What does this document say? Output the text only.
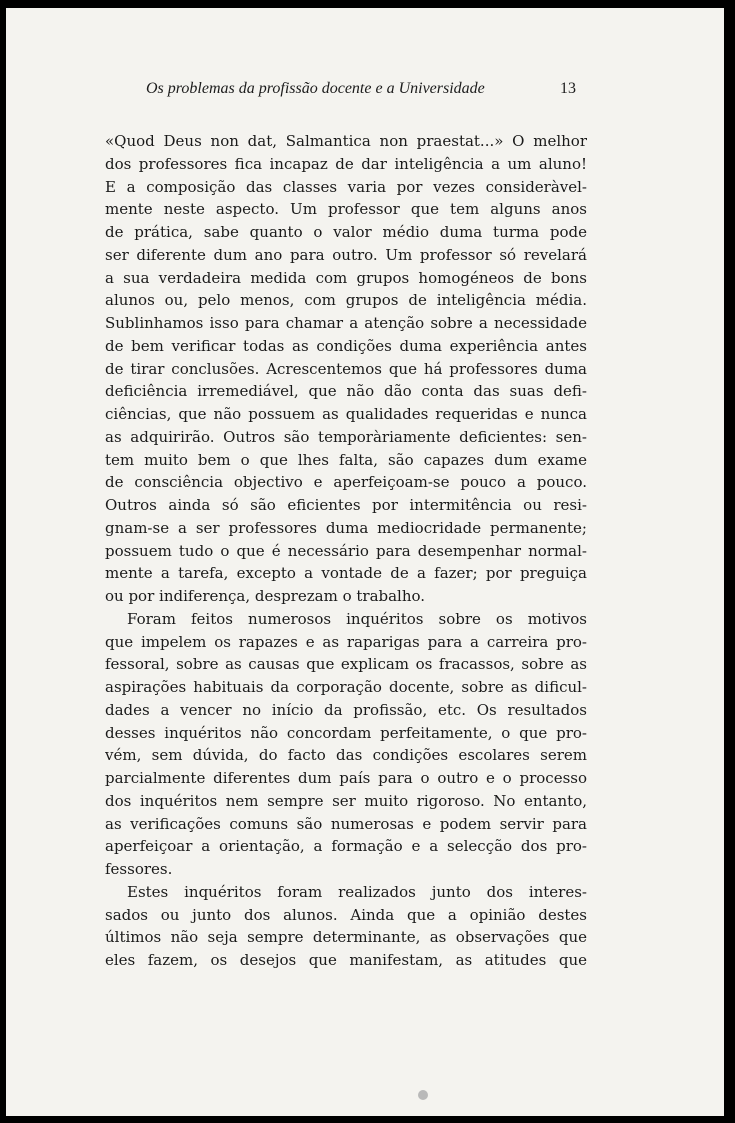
Os problemas da profissão docente e a Universidade	13
«Quod Deus non dat, Salmantica non praestat...» O melhor
dos professores fica incapaz de dar inteligência a um aluno!
E a composição das classes varia por vezes consideràvel-
mente neste aspecto. Um professor que tem alguns anos
de prática, sabe quanto o valor médio duma turma pode
ser diferente dum ano para outro. Um professor só revelará
a sua verdadeira medida com grupos homogéneos de bons
alunos ou, pelo menos, com grupos de inteligência média.
Sublinhamos isso para chamar a atenção sobre a necessidade
de bem verificar todas as condições duma experiência antes
de tirar conclusões. Acrescentemos que há professores duma
deficiência irremediável, que não dão conta das suas defi-
ciências, que não possuem as qualidades requeridas e nunca
as adquirirão. Outros são temporàriamente deficientes: sen-
tem muito bem o que lhes falta, são capazes dum exame
de consciência objectivo e aperfeiçoam-se pouco a pouco.
Outros ainda só são eficientes por intermitência ou resi-
gnam-se a ser professores duma mediocridade permanente;
possuem tudo o que é necessário para desempenhar normal-
mente a tarefa, excepto a vontade de a fazer; por preguiça
ou por indiferença, desprezam o trabalho.
Foram feitos numerosos inquéritos sobre os motivos
que impelem os rapazes e as raparigas para a carreira pro-
fessoral, sobre as causas que explicam os fracassos, sobre as
aspirações habituais da corporação docente, sobre as dificul-
dades a vencer no início da profissão, etc. Os resultados
desses inquéritos não concordam perfeitamente, o que pro-
vém, sem dúvida, do facto das condições escolares serem
parcialmente diferentes dum país para o outro e o processo
dos inquéritos nem sempre ser muito rigoroso. No entanto,
as verificações comuns são numerosas e podem servir para
aperfeiçoar a orientação, a formação e a selecção dos pro-
fessores.
Estes inquéritos foram realizados junto dos interes-
sados ou junto dos alunos. Ainda que a opinião destes
últimos não seja sempre determinante, as observações que
eles fazem, os desejos que manifestam, as atitudes que
